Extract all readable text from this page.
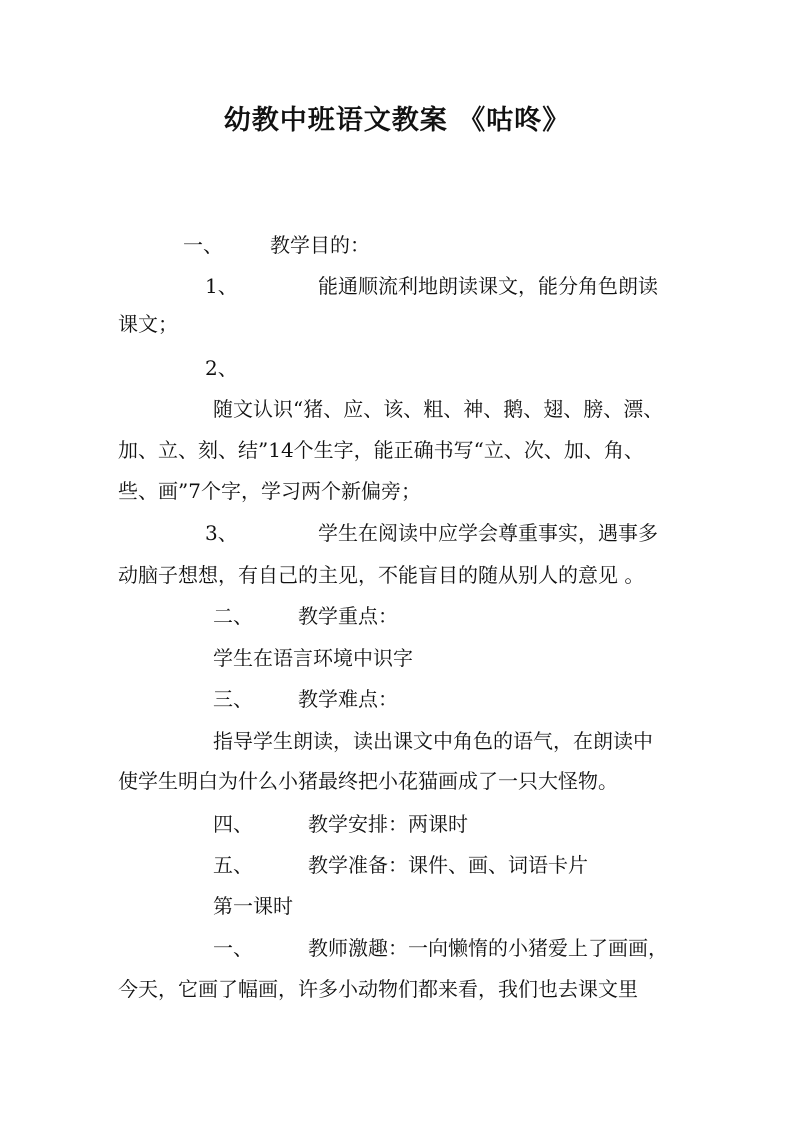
幼教中班语文教案 《咕咚》
一、 教学目的：
1、	能通顺流利地朗读课文，能分角色朗读
课文；
2、
随文认识“猪、应、该、粗、神、鹅、翅、膀、漂、
加、立、刻、结”14个生字，能正确书写“立、次、加、角、
些、画”7个字，学习两个新偏旁；
3、	学生在阅读中应学会尊重事实，遇事多
动脑子想想，有自己的主见，不能盲目的随从别人的意见 。
二、 教学重点：
学生在语言环境中识字
三、 教学难点：
指导学生朗读，读出课文中角色的语气，在朗读中
使学生明白为什么小猪最终把小花猫画成了一只大怪物。
四、	教学安排：两课时
五、	教学准备：课件、画、词语卡片
第一课时
一、	教师激趣：一向懒惰的小猪爱上了画画，
今天，它画了幅画，许多小动物们都来看，我们也去课文里
